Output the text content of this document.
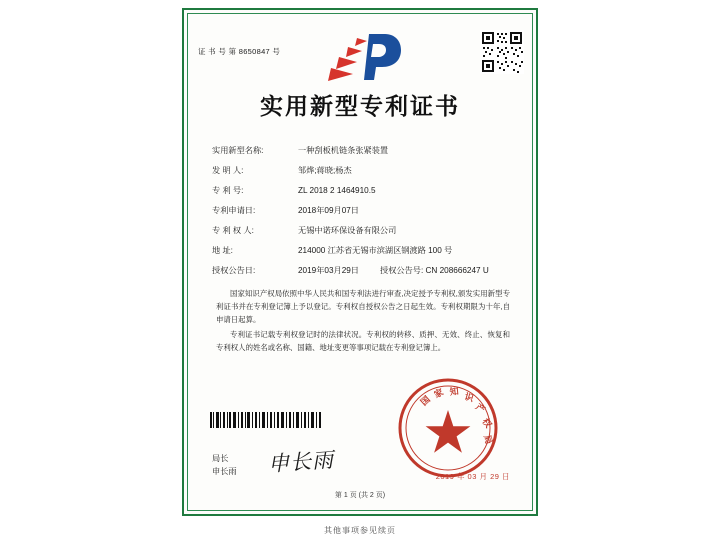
证 书 号 第 8650847 号
实用新型专利证书
实用新型名称:	一种刮板机链条张紧装置
发 明 人:	邹烨;蒋晓;杨杰
专 利 号:	ZL 2018 2 1464910.5
专利申请日:	2018年09月07日
专 利 权 人:	无锡中诺环保设备有限公司
地 址:	214000 江苏省无锡市滨湖区钢渡路 100 号
授权公告日:	2019年03月29日	授权公告号: CN 208666247 U

国家知识产权局依照中华人民共和国专利法进行审查,决定授予专利权,颁发实用新型专利证书并在专利登记簿上予以登记。专利权自授权公告之日起生效。专利权期限为十年,自申请日起算。

专利证书记载专利权登记时的法律状况。专利权的转移、质押、无效、终止、恢复和专利权人的姓名或名称、国籍、地址变更等事项记载在专利登记簿上。

局长
申长雨 申长雨
国
家 知 识
产
权
局
2019 年 03 月 29 日
第 1 页 (共 2 页)
其他事项参见续页
